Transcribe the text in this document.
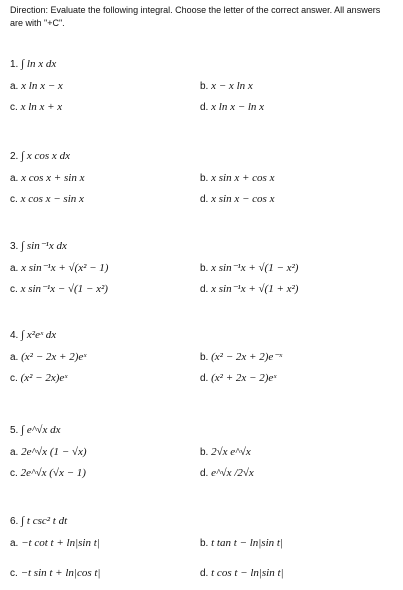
Direction: Evaluate the following integral. Choose the letter of the correct answer. All answers are with "+C".
1. ∫ ln x dx
a. x ln x − x	b. x − x ln x
c. x ln x + x	d. x ln x − ln x
2. ∫ x cos x dx
a. x cos x + sin x	b. x sin x + cos x
c. x cos x − sin x	d. x sin x − cos x
3. ∫ sin⁻¹x dx
a. x sin⁻¹x + √(x² − 1)	b. x sin⁻¹x + √(1 − x²)
c. x sin⁻¹x − √(1 − x²)	d. x sin⁻¹x + √(1 + x²)
4. ∫ x²eˣ dx
a. (x² − 2x + 2)eˣ	b. (x² − 2x + 2)e⁻ˣ
c. (x² − 2x)eˣ	d. (x² + 2x − 2)eˣ
5. ∫ e^√x dx
a. 2e^√x (1 − √x)	b. 2√x e^√x
c. 2e^√x (√x − 1)	d. e^√x /2√x
6. ∫ t csc² t dt
a. −t cot t + ln|sin t|	b. t tan t − ln|sin t|
c. −t sin t + ln|cos t|	d. t cos t − ln|sin t|
